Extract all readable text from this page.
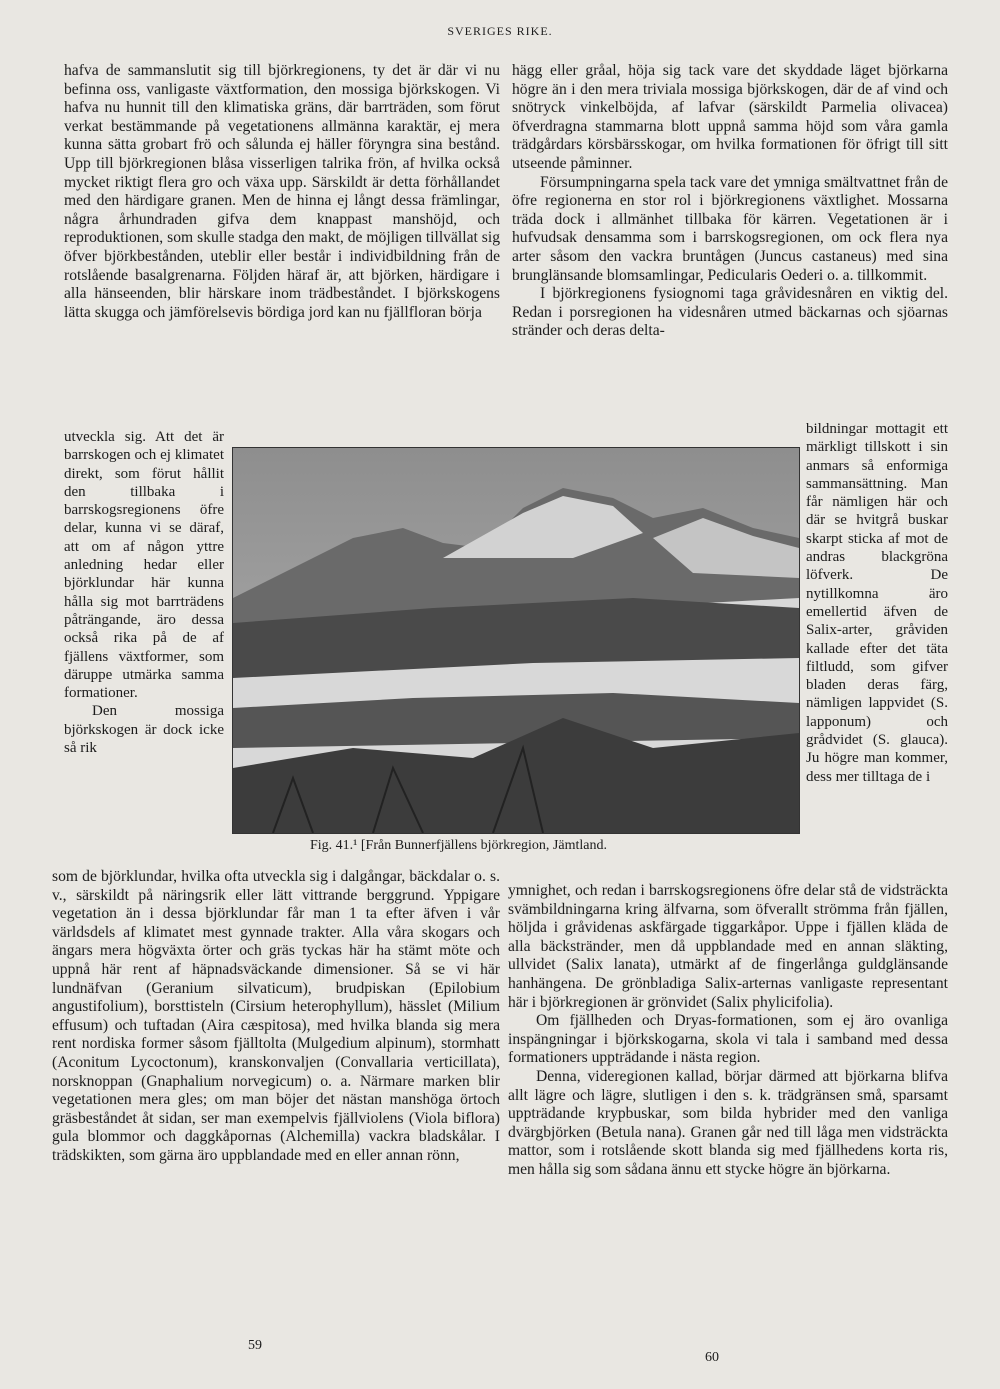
SVERIGES RIKE.

hafva de sammanslutit sig till björkregionens, ty det är där vi nu befinna oss, vanligaste växtformation, den mossiga björkskogen. Vi hafva nu hunnit till den klimatiska gräns, där barrträden, som förut verkat bestämmande på vegetationens allmänna karaktär, ej mera kunna sätta grobart frö och sålunda ej häller föryngra sina bestånd. Upp till björkregionen blåsa visserligen talrika frön, af hvilka också mycket riktigt flera gro och växa upp. Särskildt är detta förhållandet med den härdigare granen. Men de hinna ej långt dessa främlingar, några århundraden gifva dem knappast manshöjd, och reproduktionen, som skulle stadga den makt, de möjligen tillvällat sig öfver björkbestånden, uteblir eller består i individbildning från de rotslående basalgrenarna. Följden häraf är, att björken, härdigare i alla hänseenden, blir härskare inom trädbeståndet. I björkskogens lätta skugga och jämförelsevis bördiga jord kan nu fjällfloran börja

utveckla sig. Att det är barrskogen och ej klimatet direkt, som förut hållit den tillbaka i barrskogsregionens öfre delar, kunna vi se däraf, att om af någon yttre anledning hedar eller björklundar här kunna hålla sig mot barrträdens påträngande, äro dessa också rika på de af fjällens växtformer, som däruppe utmärka samma formationer.

Den mossiga björkskogen är dock icke så rik

som de björklundar, hvilka ofta utveckla sig i dalgångar, bäckdalar o. s. v., särskildt på näringsrik eller lätt vittrande berggrund. Yppigare vegetation än i dessa björklundar får man 1 ta efter äfven i vår världsdels af klimatet mest gynnade trakter. Alla våra skogars och ängars mera högväxta örter och gräs tyckas här ha stämt möte och uppnå här rent af häpnadsväckande dimensioner. Så se vi här lundnäfvan (Geranium silvaticum), brudpiskan (Epilobium angustifolium), borsttisteln (Cirsium heterophyllum), hässlet (Milium effusum) och tuftadan (Aira cæspitosa), med hvilka blanda sig mera rent nordiska former såsom fjälltolta (Mulgedium alpinum), stormhatt (Aconitum Lycoctonum), kranskonvaljen (Convallaria verticillata), norsknoppan (Gnaphalium norvegicum) o. a. Närmare marken blir vegetationen mera gles; om man böjer det nästan manshöga örtoch gräsbeståndet åt sidan, ser man exempelvis fjällviolens (Viola biflora) gula blommor och daggkåpornas (Alchemilla) vackra bladskålar. I trädskikten, som gärna äro uppblandade med en eller annan rönn,

hägg eller gråal, höja sig tack vare det skyddade läget björkarna högre än i den mera triviala mossiga björkskogen, där de af vind och snötryck vinkelböjda, af lafvar (särskildt Parmelia olivacea) öfverdragna stammarna blott uppnå samma höjd som våra gamla trädgårdars körsbärsskogar, om hvilka formationen för öfrigt till sitt utseende påminner.

Försumpningarna spela tack vare det ymniga smältvattnet från de öfre regionerna en stor rol i björkregionens växtlighet. Mossarna träda dock i allmänhet tillbaka för kärren. Vegetationen är i hufvudsak densamma som i barrskogsregionen, om ock flera nya arter såsom den vackra bruntågen (Juncus castaneus) med sina brunglänsande blomsamlingar, Pedicularis Oederi o. a. tillkommit.

I björkregionens fysiognomi taga gråvidesnåren en viktig del. Redan i porsregionen ha videsnåren utmed bäckarnas och sjöarnas stränder och deras delta-

bildningar mottagit ett märkligt tillskott i sin anmars så enformiga sammansättning. Man får nämligen här och där se hvitgrå buskar skarpt sticka af mot de andras blackgröna löfverk. De nytillkomna äro emellertid äfven de Salix-arter, gråviden kallade efter det täta filtludd, som gifver bladen deras färg, nämligen lappvidet (S. lapponum) och grådvidet (S. glauca). Ju högre man kommer, dess mer tilltaga de i

ymnighet, och redan i barrskogsregionens öfre delar stå de vidsträckta svämbildningarna kring älfvarna, som öfverallt strömma från fjällen, höljda i gråvidenas askfärgade tiggarkåpor. Uppe i fjällen kläda de alla bäckstränder, men då uppblandade med en annan släkting, ullvidet (Salix lanata), utmärkt af de fingerlånga guldglänsande hanhängena. De grönbladiga Salix-arternas vanligaste representant här i björkregionen är grönvidet (Salix phylicifolia).

Om fjällheden och Dryas-formationen, som ej äro ovanliga inspängningar i björkskogarna, skola vi tala i samband med dessa formationers uppträdande i nästa region.

Denna, videregionen kallad, börjar därmed att björkarna blifva allt lägre och lägre, slutligen i den s. k. trädgränsen små, sparsamt uppträdande krypbuskar, som bilda hybrider med den vanliga dvärgbjörken (Betula nana). Granen går ned till låga men vidsträckta mattor, som i rotslående skott blanda sig med fjällhedens korta ris, men hålla sig som sådana ännu ett stycke högre än björkarna.

Fig. 41.¹ [Från Bunnerfjällens björkregion, Jämtland.
59
60
